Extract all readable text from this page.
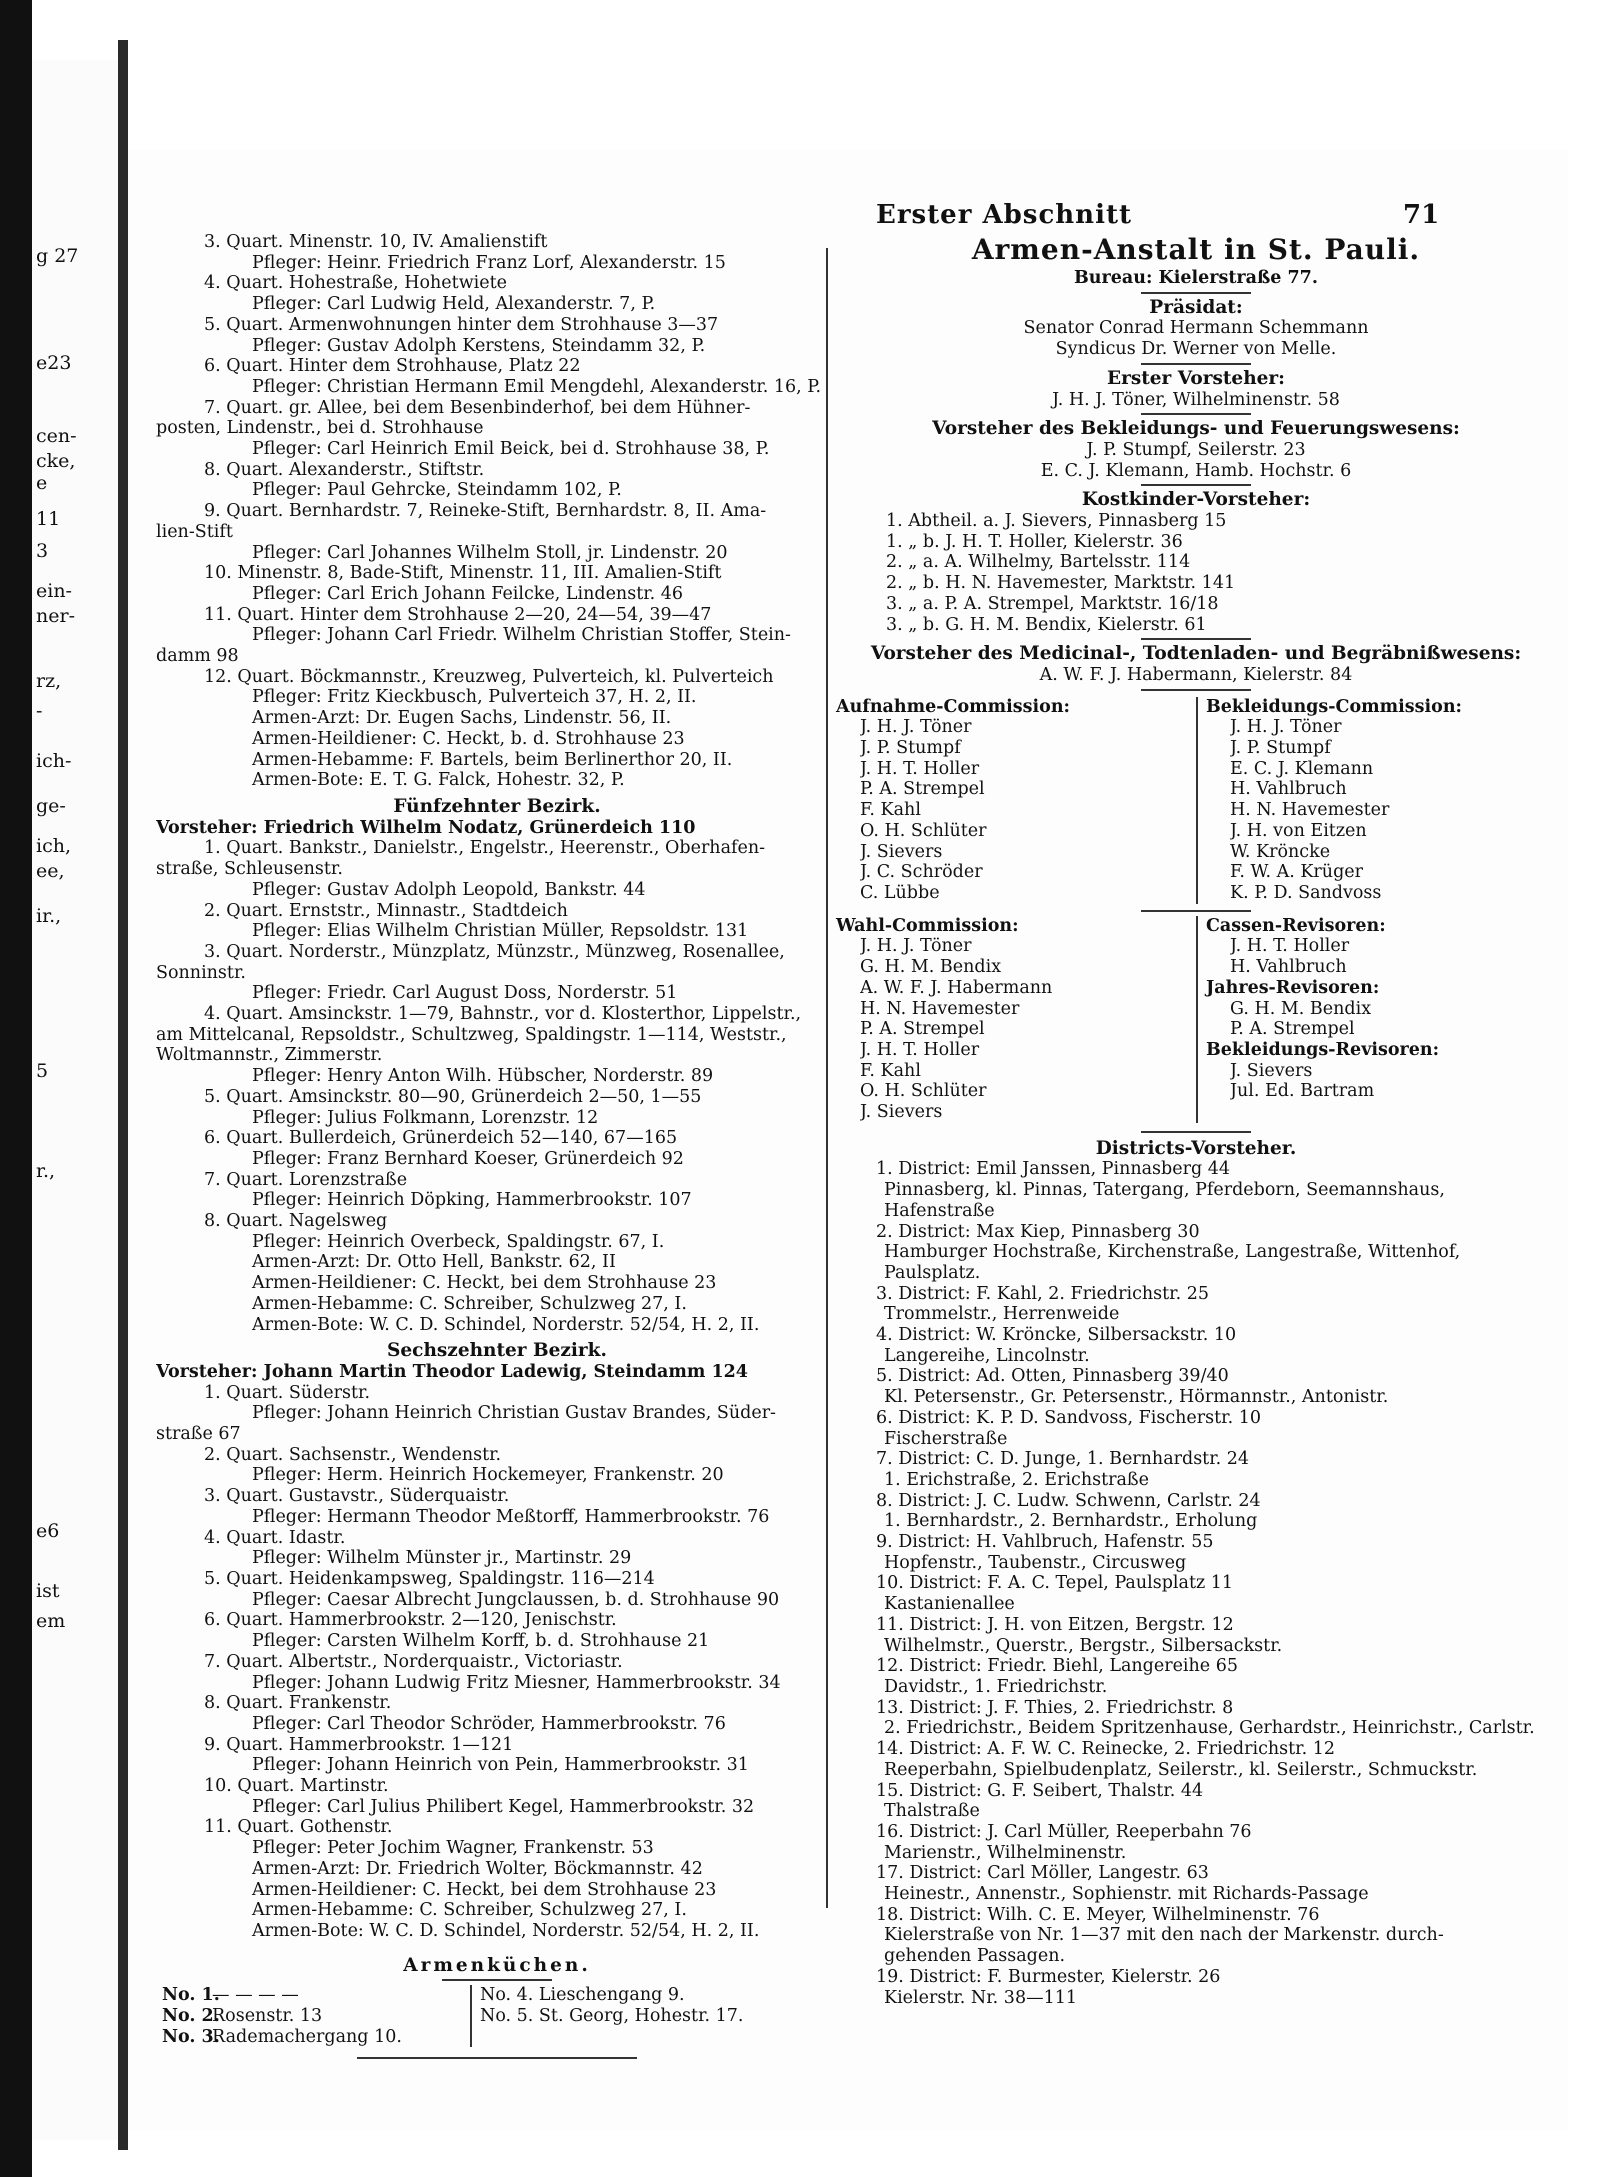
g 27
e23
cen-
cke,
e
11
3
ein-
ner-
rz,
-
ich-
ge-
ich,
ee,
ir.,
5
r.,
e6
ist
em
Erster Abschnitt	71
3. Quart. Minenstr. 10, IV. Amalienstift
Pfleger: Heinr. Friedrich Franz Lorf, Alexanderstr. 15
4. Quart. Hohestraße, Hohetwiete
Pfleger: Carl Ludwig Held, Alexanderstr. 7, P.
5. Quart. Armenwohnungen hinter dem Strohhause 3—37
Pfleger: Gustav Adolph Kerstens, Steindamm 32, P.
6. Quart. Hinter dem Strohhause, Platz 22
Pfleger: Christian Hermann Emil Mengdehl, Alexanderstr. 16, P.
7. Quart. gr. Allee, bei dem Besenbinderhof, bei dem Hühner-
posten, Lindenstr., bei d. Strohhause
Pfleger: Carl Heinrich Emil Beick, bei d. Strohhause 38, P.
8. Quart. Alexanderstr., Stiftstr.
Pfleger: Paul Gehrcke, Steindamm 102, P.
9. Quart. Bernhardstr. 7, Reineke-Stift, Bernhardstr. 8, II. Ama-
lien-Stift
Pfleger: Carl Johannes Wilhelm Stoll, jr. Lindenstr. 20
10. Minenstr. 8, Bade-Stift, Minenstr. 11, III. Amalien-Stift
Pfleger: Carl Erich Johann Feilcke, Lindenstr. 46
11. Quart. Hinter dem Strohhause 2—20, 24—54, 39—47
Pfleger: Johann Carl Friedr. Wilhelm Christian Stoffer, Stein-
damm 98
12. Quart. Böckmannstr., Kreuzweg, Pulverteich, kl. Pulverteich
Pfleger: Fritz Kieckbusch, Pulverteich 37, H. 2, II.
Armen-Arzt: Dr. Eugen Sachs, Lindenstr. 56, II.
Armen-Heildiener: C. Heckt, b. d. Strohhause 23
Armen-Hebamme: F. Bartels, beim Berlinerthor 20, II.
Armen-Bote: E. T. G. Falck, Hohestr. 32, P.
Fünfzehnter Bezirk.
Vorsteher: Friedrich Wilhelm Nodatz, Grünerdeich 110
1. Quart. Bankstr., Danielstr., Engelstr., Heerenstr., Oberhafen-
straße, Schleusenstr.
Pfleger: Gustav Adolph Leopold, Bankstr. 44
2. Quart. Ernststr., Minnastr., Stadtdeich
Pfleger: Elias Wilhelm Christian Müller, Repsoldstr. 131
3. Quart. Norderstr., Münzplatz, Münzstr., Münzweg, Rosenallee,
Sonninstr.
Pfleger: Friedr. Carl August Doss, Norderstr. 51
4. Quart. Amsinckstr. 1—79, Bahnstr., vor d. Klosterthor, Lippelstr.,
am Mittelcanal, Repsoldstr., Schultzweg, Spaldingstr. 1—114, Weststr.,
Woltmannstr., Zimmerstr.
Pfleger: Henry Anton Wilh. Hübscher, Norderstr. 89
5. Quart. Amsinckstr. 80—90, Grünerdeich 2—50, 1—55
Pfleger: Julius Folkmann, Lorenzstr. 12
6. Quart. Bullerdeich, Grünerdeich 52—140, 67—165
Pfleger: Franz Bernhard Koeser, Grünerdeich 92
7. Quart. Lorenzstraße
Pfleger: Heinrich Döpking, Hammerbrookstr. 107
8. Quart. Nagelsweg
Pfleger: Heinrich Overbeck, Spaldingstr. 67, I.
Armen-Arzt: Dr. Otto Hell, Bankstr. 62, II
Armen-Heildiener: C. Heckt, bei dem Strohhause 23
Armen-Hebamme: C. Schreiber, Schulzweg 27, I.
Armen-Bote: W. C. D. Schindel, Norderstr. 52/54, H. 2, II.
Sechszehnter Bezirk.
Vorsteher: Johann Martin Theodor Ladewig, Steindamm 124
1. Quart. Süderstr.
Pfleger: Johann Heinrich Christian Gustav Brandes, Süder-
straße 67
2. Quart. Sachsenstr., Wendenstr.
Pfleger: Herm. Heinrich Hockemeyer, Frankenstr. 20
3. Quart. Gustavstr., Süderquaistr.
Pfleger: Hermann Theodor Meßtorff, Hammerbrookstr. 76
4. Quart. Idastr.
Pfleger: Wilhelm Münster jr., Martinstr. 29
5. Quart. Heidenkampsweg, Spaldingstr. 116—214
Pfleger: Caesar Albrecht Jungclaussen, b. d. Strohhause 90
6. Quart. Hammerbrookstr. 2—120, Jenischstr.
Pfleger: Carsten Wilhelm Korff, b. d. Strohhause 21
7. Quart. Albertstr., Norderquaistr., Victoriastr.
Pfleger: Johann Ludwig Fritz Miesner, Hammerbrookstr. 34
8. Quart. Frankenstr.
Pfleger: Carl Theodor Schröder, Hammerbrookstr. 76
9. Quart. Hammerbrookstr. 1—121
Pfleger: Johann Heinrich von Pein, Hammerbrookstr. 31
10. Quart. Martinstr.
Pfleger: Carl Julius Philibert Kegel, Hammerbrookstr. 32
11. Quart. Gothenstr.
Pfleger: Peter Jochim Wagner, Frankenstr. 53
Armen-Arzt: Dr. Friedrich Wolter, Böckmannstr. 42
Armen-Heildiener: C. Heckt, bei dem Strohhause 23
Armen-Hebamme: C. Schreiber, Schulzweg 27, I.
Armen-Bote: W. C. D. Schindel, Norderstr. 52/54, H. 2, II.
Armenküchen.
No. 1.— — — —
No. 2.Rosenstr. 13
No. 3.Rademachergang 10.
No. 4. Lieschengang 9.
No. 5. St. Georg, Hohestr. 17.
Armen-Anstalt in St. Pauli.
Bureau: Kielerstraße 77.
Präsidat:
Senator Conrad Hermann Schemmann
Syndicus Dr. Werner von Melle.
Erster Vorsteher:
J. H. J. Töner, Wilhelminenstr. 58
Vorsteher des Bekleidungs- und Feuerungswesens:
J. P. Stumpf, Seilerstr. 23
E. C. J. Klemann, Hamb. Hochstr. 6
Kostkinder-Vorsteher:
1. Abtheil. a. J. Sievers, Pinnasberg 15
1. „ b. J. H. T. Holler, Kielerstr. 36
2. „ a. A. Wilhelmy, Bartelsstr. 114
2. „ b. H. N. Havemester, Marktstr. 141
3. „ a. P. A. Strempel, Marktstr. 16/18
3. „ b. G. H. M. Bendix, Kielerstr. 61
Vorsteher des Medicinal-, Todtenladen- und Begräbnißwesens:
A. W. F. J. Habermann, Kielerstr. 84
Aufnahme-Commission:
J. H. J. Töner
J. P. Stumpf
J. H. T. Holler
P. A. Strempel
F. Kahl
O. H. Schlüter
J. Sievers
J. C. Schröder
C. Lübbe
Bekleidungs-Commission:
J. H. J. Töner
J. P. Stumpf
E. C. J. Klemann
H. Vahlbruch
H. N. Havemester
J. H. von Eitzen
W. Kröncke
F. W. A. Krüger
K. P. D. Sandvoss
Wahl-Commission:
J. H. J. Töner
G. H. M. Bendix
A. W. F. J. Habermann
H. N. Havemester
P. A. Strempel
J. H. T. Holler
F. Kahl
O. H. Schlüter
J. Sievers
Cassen-Revisoren:
J. H. T. Holler
H. Vahlbruch
Jahres-Revisoren:
G. H. M. Bendix
P. A. Strempel
Bekleidungs-Revisoren:
J. Sievers
Jul. Ed. Bartram
Districts-Vorsteher.
1. District: Emil Janssen, Pinnasberg 44
Pinnasberg, kl. Pinnas, Tatergang, Pferdeborn, Seemannshaus,
Hafenstraße
2. District: Max Kiep, Pinnasberg 30
Hamburger Hochstraße, Kirchenstraße, Langestraße, Wittenhof,
Paulsplatz.
3. District: F. Kahl, 2. Friedrichstr. 25
Trommelstr., Herrenweide
4. District: W. Kröncke, Silbersackstr. 10
Langereihe, Lincolnstr.
5. District: Ad. Otten, Pinnasberg 39/40
Kl. Petersenstr., Gr. Petersenstr., Hörmannstr., Antonistr.
6. District: K. P. D. Sandvoss, Fischerstr. 10
Fischerstraße
7. District: C. D. Junge, 1. Bernhardstr. 24
1. Erichstraße, 2. Erichstraße
8. District: J. C. Ludw. Schwenn, Carlstr. 24
1. Bernhardstr., 2. Bernhardstr., Erholung
9. District: H. Vahlbruch, Hafenstr. 55
Hopfenstr., Taubenstr., Circusweg
10. District: F. A. C. Tepel, Paulsplatz 11
Kastanienallee
11. District: J. H. von Eitzen, Bergstr. 12
Wilhelmstr., Querstr., Bergstr., Silbersackstr.
12. District: Friedr. Biehl, Langereihe 65
Davidstr., 1. Friedrichstr.
13. District: J. F. Thies, 2. Friedrichstr. 8
2. Friedrichstr., Beidem Spritzenhause, Gerhardstr., Heinrichstr., Carlstr.
14. District: A. F. W. C. Reinecke, 2. Friedrichstr. 12
Reeperbahn, Spielbudenplatz, Seilerstr., kl. Seilerstr., Schmuckstr.
15. District: G. F. Seibert, Thalstr. 44
Thalstraße
16. District: J. Carl Müller, Reeperbahn 76
Marienstr., Wilhelminenstr.
17. District: Carl Möller, Langestr. 63
Heinestr., Annenstr., Sophienstr. mit Richards-Passage
18. District: Wilh. C. E. Meyer, Wilhelminenstr. 76
Kielerstraße von Nr. 1—37 mit den nach der Markenstr. durch-
gehenden Passagen.
19. District: F. Burmester, Kielerstr. 26
Kielerstr. Nr. 38—111
